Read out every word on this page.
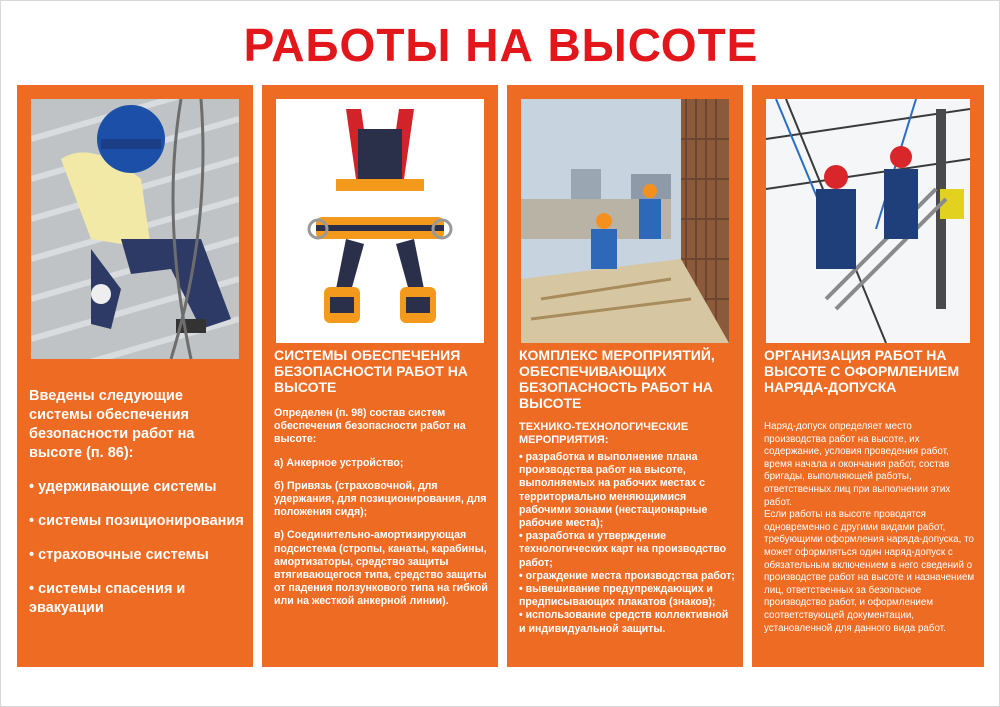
РАБОТЫ НА ВЫСОТЕ
Введены следующие системы обеспечения безопасности работ на высоте (п. 86):
• удерживающие системы
• системы позиционирования
• страховочные системы
• системы спасения и эвакуации
СИСТЕМЫ ОБЕСПЕЧЕНИЯ БЕЗОПАСНОСТИ РАБОТ НА ВЫСОТЕ

Определен (п. 98) состав систем обеспечения безопасности работ на высоте:

а) Анкерное устройство;

б) Привязь (страховочной, для удержания, для позиционирования, для положения сидя);

в) Соединительно-амортизирующая подсистема (стропы, канаты, карабины, амортизаторы, средство защиты втягивающегося типа, средство защиты от падения ползункового типа на гибкой или на жесткой анкерной линии).

КОМПЛЕКС МЕРОПРИЯТИЙ, ОБЕСПЕЧИВАЮЩИХ БЕЗОПАСНОСТЬ РАБОТ НА ВЫСОТЕ
ТЕХНИКО-ТЕХНОЛОГИЧЕСКИЕ МЕРОПРИЯТИЯ:

• разработка и выполнение плана производства работ на высоте, выполняемых на рабочих местах с территориально меняющимися рабочими зонами (нестационарные рабочие места);

• разработка и утверждение технологических карт на производство работ;

• ограждение места производства работ;

• вывешивание предупреждающих и предписывающих плакатов (знаков);

• использование средств коллективной и индивидуальной защиты.

ОРГАНИЗАЦИЯ РАБОТ НА ВЫСОТЕ С ОФОРМЛЕНИЕМ НАРЯДА-ДОПУСКА

Наряд-допуск определяет место производства работ на высоте, их содержание, условия проведения работ, время начала и окончания работ, состав бригады, выполняющей работы, ответственных лиц при выполнении этих работ.

Если работы на высоте проводятся одновременно с другими видами работ, требующими оформления наряда-допуска, то может оформляться один наряд-допуск с обязательным включением в него сведений о производстве работ на высоте и назначением лиц, ответственных за безопасное производство работ, и оформлением соответствующей документации, установленной для данного вида работ.
